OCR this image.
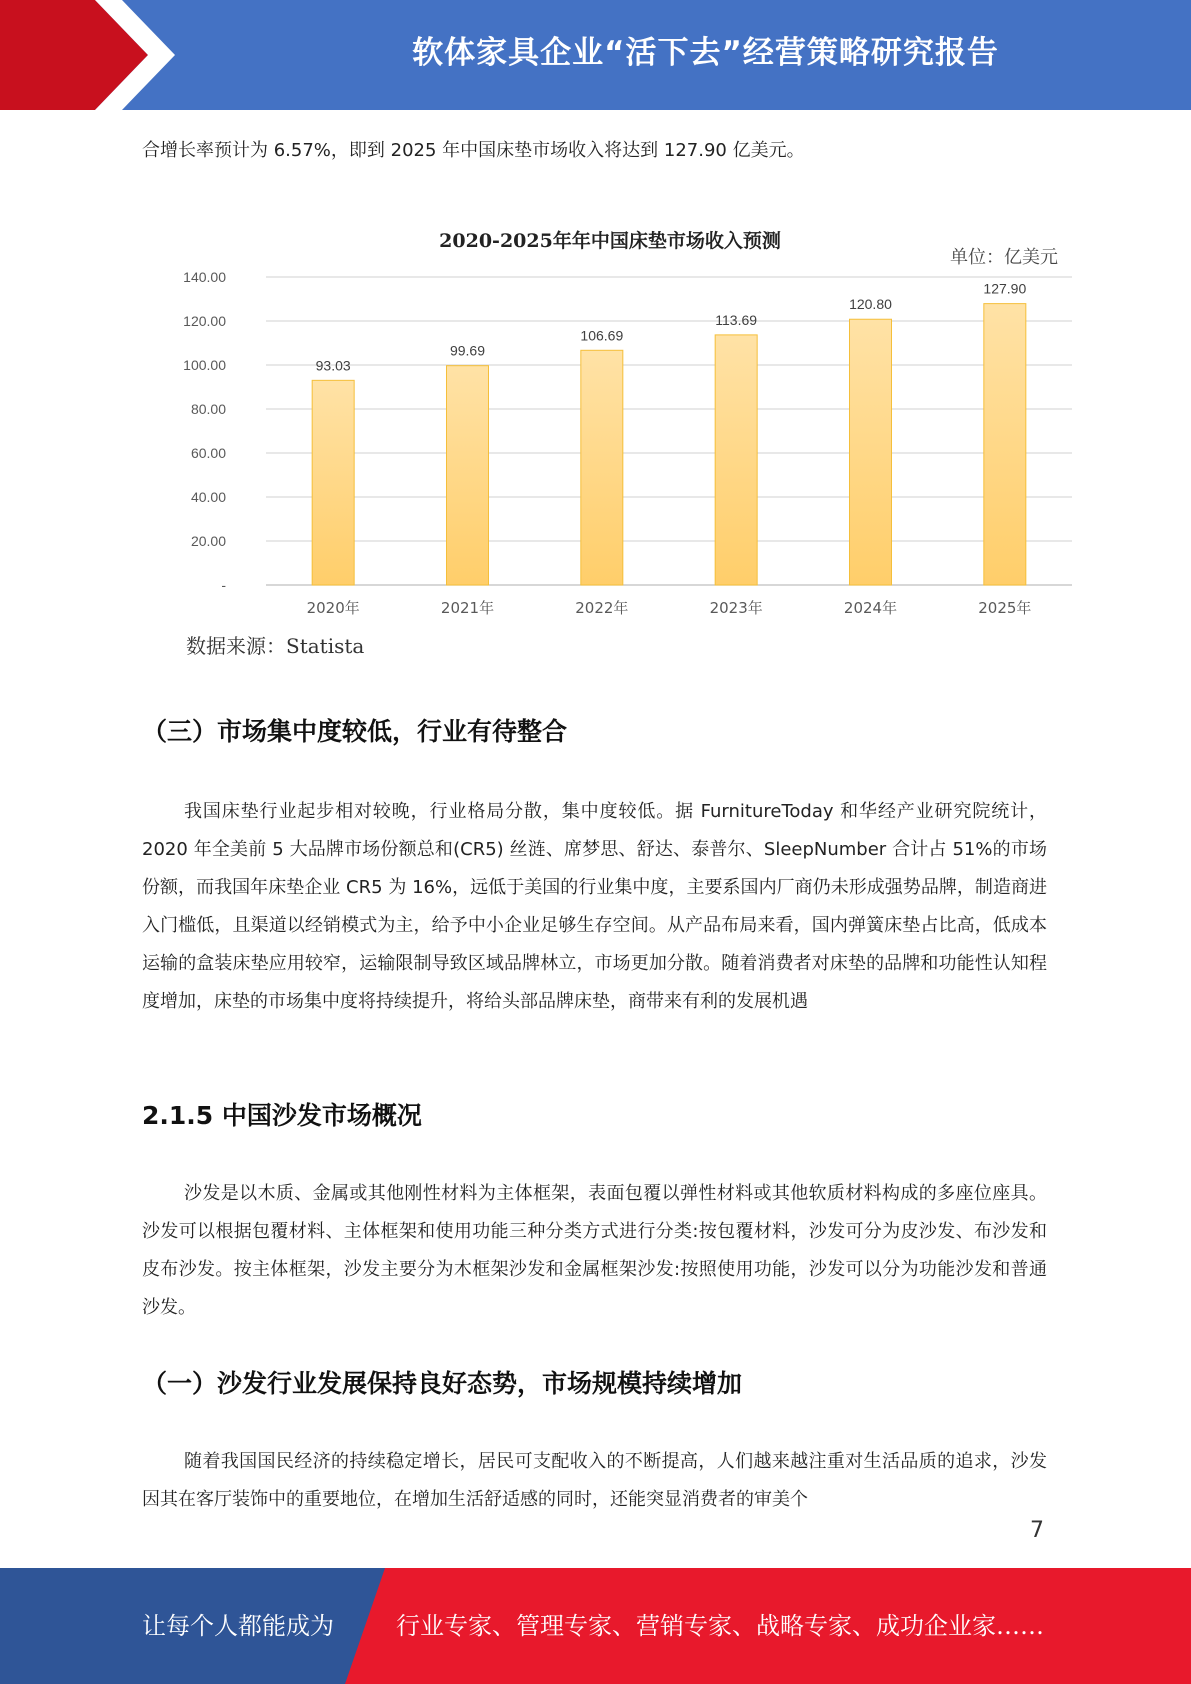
软体家具企业“活下去”经营策略研究报告
合增长率预计为 6.57%，即到 2025 年中国床垫市场收入将达到 127.90 亿美元。
2020-2025年年中国床垫市场收入预测
单位：亿美元
-
20.00
40.00
60.00
80.00
100.00
120.00
140.00
93.03
2020年
99.69
2021年
106.69
2022年
113.69
2023年
120.80
2024年
127.90
2025年
数据来源：Statista
（三）市场集中度较低，行业有待整合
我国床垫行业起步相对较晚，行业格局分散，集中度较低。据 FurnitureToday 和华经产业研究院统计，2020 年全美前 5 大品牌市场份额总和(CR5) 丝涟、席梦思、舒达、泰普尔、SleepNumber 合计占 51%的市场份额，而我国年床垫企业 CR5 为 16%，远低于美国的行业集中度，主要系国内厂商仍未形成强势品牌，制造商进入门槛低，且渠道以经销模式为主，给予中小企业足够生存空间。从产品布局来看，国内弹簧床垫占比高，低成本运输的盒装床垫应用较窄，运输限制导致区域品牌林立，市场更加分散。随着消费者对床垫的品牌和功能性认知程度增加，床垫的市场集中度将持续提升，将给头部品牌床垫，商带来有利的发展机遇
2.1.5 中国沙发市场概况
沙发是以木质、金属或其他刚性材料为主体框架，表面包覆以弹性材料或其他软质材料构成的多座位座具。沙发可以根据包覆材料、主体框架和使用功能三种分类方式进行分类:按包覆材料，沙发可分为皮沙发、布沙发和皮布沙发。按主体框架，沙发主要分为木框架沙发和金属框架沙发:按照使用功能，沙发可以分为功能沙发和普通沙发。
（一）沙发行业发展保持良好态势，市场规模持续增加
随着我国国民经济的持续稳定增长，居民可支配收入的不断提高，人们越来越注重对生活品质的追求，沙发因其在客厅装饰中的重要地位，在增加生活舒适感的同时，还能突显消费者的审美个
7
让每个人都能成为	行业专家、管理专家、营销专家、战略专家、成功企业家……
